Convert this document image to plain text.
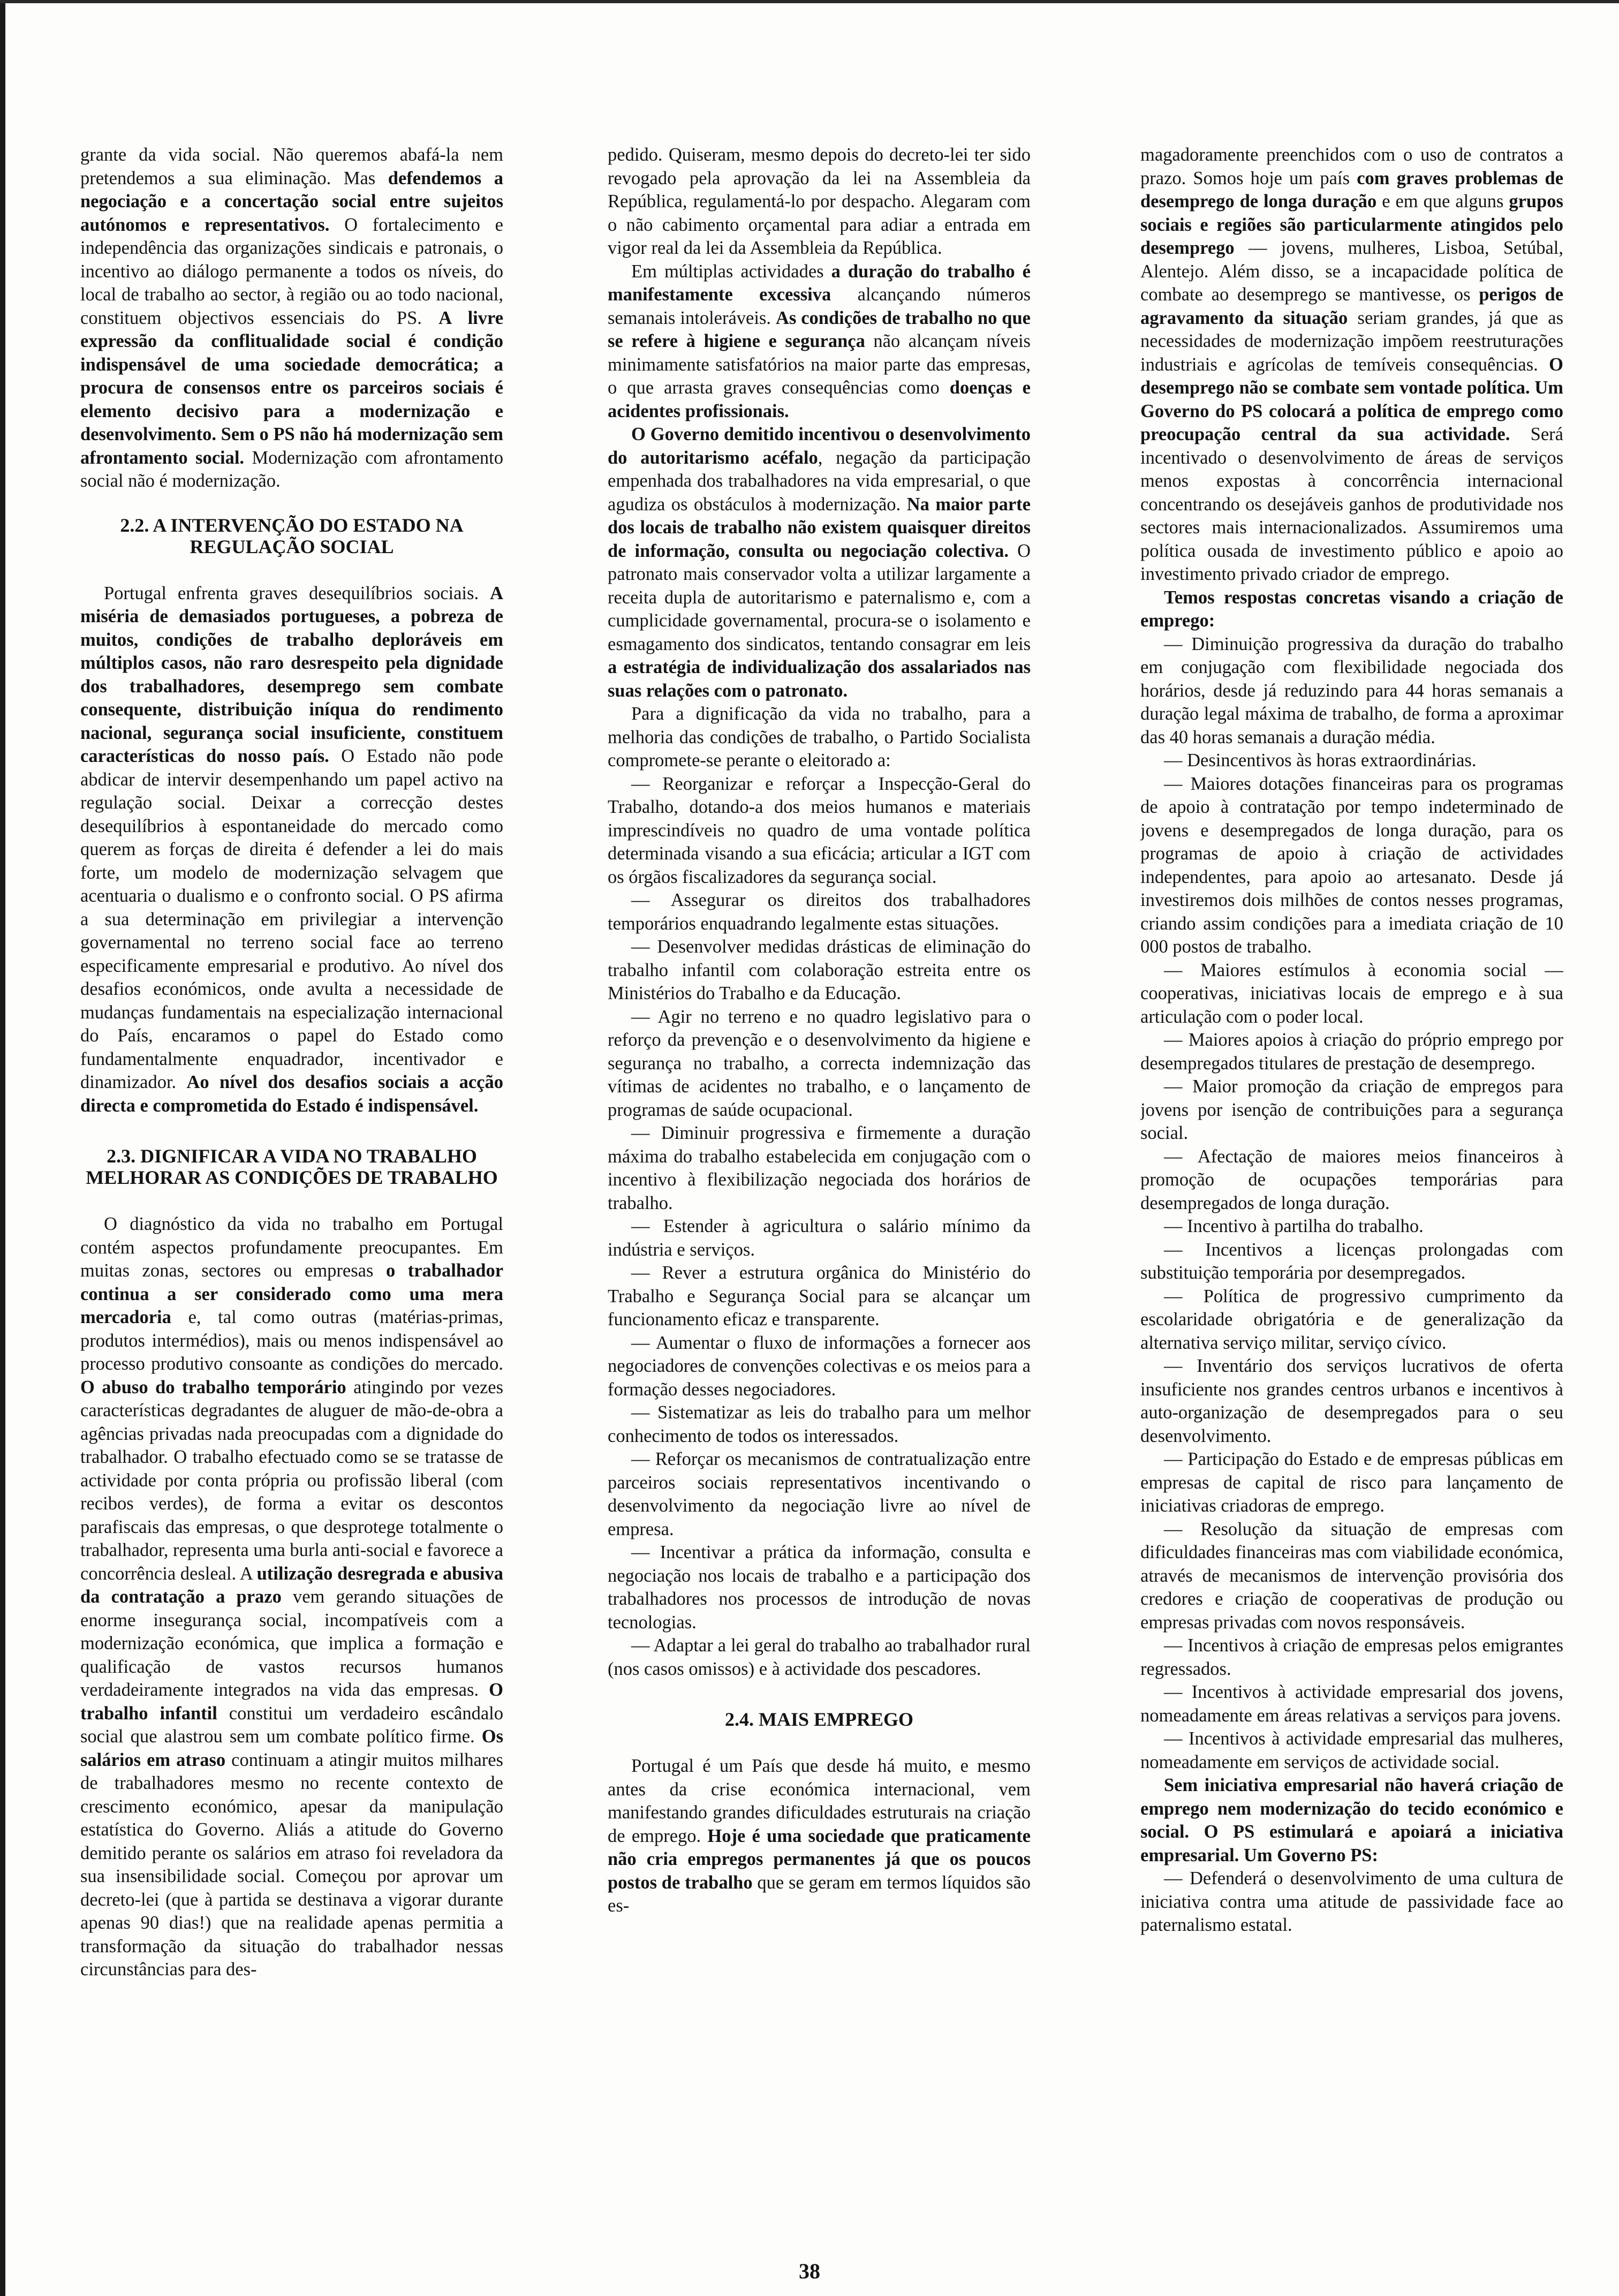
grante da vida social. Não queremos abafá-la nem pretendemos a sua eliminação. Mas defendemos a negociação e a concertação social entre sujeitos autónomos e representativos. O fortalecimento e independência das organizações sindicais e patronais, o incentivo ao diálogo permanente a todos os níveis, do local de trabalho ao sector, à região ou ao todo nacional, constituem objectivos essenciais do PS. A livre expressão da conflitualidade social é condição indispensável de uma sociedade democrática; a procura de consensos entre os parceiros sociais é elemento decisivo para a modernização e desenvolvimento. Sem o PS não há modernização sem afrontamento social. Modernização com afrontamento social não é modernização.

2.2. A INTERVENÇÃO DO ESTADO NA REGULAÇÃO SOCIAL

Portugal enfrenta graves desequilíbrios sociais. A miséria de demasiados portugueses, a pobreza de muitos, condições de trabalho deploráveis em múltiplos casos, não raro desrespeito pela dignidade dos trabalhadores, desemprego sem combate consequente, distribuição iníqua do rendimento nacional, segurança social insuficiente, constituem características do nosso país. O Estado não pode abdicar de intervir desempenhando um papel activo na regulação social. Deixar a correcção destes desequilíbrios à espontaneidade do mercado como querem as forças de direita é defender a lei do mais forte, um modelo de modernização selvagem que acentuaria o dualismo e o confronto social. O PS afirma a sua determinação em privilegiar a intervenção governamental no terreno social face ao terreno especificamente empresarial e produtivo. Ao nível dos desafios económicos, onde avulta a necessidade de mudanças fundamentais na especialização internacional do País, encaramos o papel do Estado como fundamentalmente enquadrador, incentivador e dinamizador. Ao nível dos desafios sociais a acção directa e comprometida do Estado é indispensável.

2.3. DIGNIFICAR A VIDA NO TRABALHO MELHORAR AS CONDIÇÕES DE TRABALHO

O diagnóstico da vida no trabalho em Portugal contém aspectos profundamente preocupantes. Em muitas zonas, sectores ou empresas o trabalhador continua a ser considerado como uma mera mercadoria e, tal como outras (matérias-primas, produtos intermédios), mais ou menos indispensável ao processo produtivo consoante as condições do mercado. O abuso do trabalho temporário atingindo por vezes características degradantes de aluguer de mão-de-obra a agências privadas nada preocupadas com a dignidade do trabalhador. O trabalho efectuado como se se tratasse de actividade por conta própria ou profissão liberal (com recibos verdes), de forma a evitar os descontos parafiscais das empresas, o que desprotege totalmente o trabalhador, representa uma burla anti-social e favorece a concorrência desleal. A utilização desregrada e abusiva da contratação a prazo vem gerando situações de enorme insegurança social, incompatíveis com a modernização económica, que implica a formação e qualificação de vastos recursos humanos verdadeiramente integrados na vida das empresas. O trabalho infantil constitui um verdadeiro escândalo social que alastrou sem um combate político firme. Os salários em atraso continuam a atingir muitos milhares de trabalhadores mesmo no recente contexto de crescimento económico, apesar da manipulação estatística do Governo. Aliás a atitude do Governo demitido perante os salários em atraso foi reveladora da sua insensibilidade social. Começou por aprovar um decreto-lei (que à partida se destinava a vigorar durante apenas 90 dias!) que na realidade apenas permitia a transformação da situação do trabalhador nessas circunstâncias para des-

pedido. Quiseram, mesmo depois do decreto-lei ter sido revogado pela aprovação da lei na Assembleia da República, regulamentá-lo por despacho. Alegaram com o não cabimento orçamental para adiar a entrada em vigor real da lei da Assembleia da República.

Em múltiplas actividades a duração do trabalho é manifestamente excessiva alcançando números semanais intoleráveis. As condições de trabalho no que se refere à higiene e segurança não alcançam níveis minimamente satisfatórios na maior parte das empresas, o que arrasta graves consequências como doenças e acidentes profissionais.

O Governo demitido incentivou o desenvolvimento do autoritarismo acéfalo, negação da participação empenhada dos trabalhadores na vida empresarial, o que agudiza os obstáculos à modernização. Na maior parte dos locais de trabalho não existem quaisquer direitos de informação, consulta ou negociação colectiva. O patronato mais conservador volta a utilizar largamente a receita dupla de autoritarismo e paternalismo e, com a cumplicidade governamental, procura-se o isolamento e esmagamento dos sindicatos, tentando consagrar em leis a estratégia de individualização dos assalariados nas suas relações com o patronato.

Para a dignificação da vida no trabalho, para a melhoria das condições de trabalho, o Partido Socialista compromete-se perante o eleitorado a:

— Reorganizar e reforçar a Inspecção-Geral do Trabalho, dotando-a dos meios humanos e materiais imprescindíveis no quadro de uma vontade política determinada visando a sua eficácia; articular a IGT com os órgãos fiscalizadores da segurança social.

— Assegurar os direitos dos trabalhadores temporários enquadrando legalmente estas situações.

— Desenvolver medidas drásticas de eliminação do trabalho infantil com colaboração estreita entre os Ministérios do Trabalho e da Educação.

— Agir no terreno e no quadro legislativo para o reforço da prevenção e o desenvolvimento da higiene e segurança no trabalho, a correcta indemnização das vítimas de acidentes no trabalho, e o lançamento de programas de saúde ocupacional.

— Diminuir progressiva e firmemente a duração máxima do trabalho estabelecida em conjugação com o incentivo à flexibilização negociada dos horários de trabalho.

— Estender à agricultura o salário mínimo da indústria e serviços.

— Rever a estrutura orgânica do Ministério do Trabalho e Segurança Social para se alcançar um funcionamento eficaz e transparente.

— Aumentar o fluxo de informações a fornecer aos negociadores de convenções colectivas e os meios para a formação desses negociadores.

— Sistematizar as leis do trabalho para um melhor conhecimento de todos os interessados.

— Reforçar os mecanismos de contratualização entre parceiros sociais representativos incentivando o desenvolvimento da negociação livre ao nível de empresa.

— Incentivar a prática da informação, consulta e negociação nos locais de trabalho e a participação dos trabalhadores nos processos de introdução de novas tecnologias.

— Adaptar a lei geral do trabalho ao trabalhador rural (nos casos omissos) e à actividade dos pescadores.

2.4. MAIS EMPREGO

Portugal é um País que desde há muito, e mesmo antes da crise económica internacional, vem manifestando grandes dificuldades estruturais na criação de emprego. Hoje é uma sociedade que praticamente não cria empregos permanentes já que os poucos postos de trabalho que se geram em termos líquidos são es-

magadoramente preenchidos com o uso de contratos a prazo. Somos hoje um país com graves problemas de desemprego de longa duração e em que alguns grupos sociais e regiões são particularmente atingidos pelo desemprego — jovens, mulheres, Lisboa, Setúbal, Alentejo. Além disso, se a incapacidade política de combate ao desemprego se mantivesse, os perigos de agravamento da situação seriam grandes, já que as necessidades de modernização impõem reestruturações industriais e agrícolas de temíveis consequências. O desemprego não se combate sem vontade política. Um Governo do PS colocará a política de emprego como preocupação central da sua actividade. Será incentivado o desenvolvimento de áreas de serviços menos expostas à concorrência internacional concentrando os desejáveis ganhos de produtividade nos sectores mais internacionalizados. Assumiremos uma política ousada de investimento público e apoio ao investimento privado criador de emprego.

Temos respostas concretas visando a criação de emprego:

— Diminuição progressiva da duração do trabalho em conjugação com flexibilidade negociada dos horários, desde já reduzindo para 44 horas semanais a duração legal máxima de trabalho, de forma a aproximar das 40 horas semanais a duração média.

— Desincentivos às horas extraordinárias.

— Maiores dotações financeiras para os programas de apoio à contratação por tempo indeterminado de jovens e desempregados de longa duração, para os programas de apoio à criação de actividades independentes, para apoio ao artesanato. Desde já investiremos dois milhões de contos nesses programas, criando assim condições para a imediata criação de 10 000 postos de trabalho.

— Maiores estímulos à economia social — cooperativas, iniciativas locais de emprego e à sua articulação com o poder local.

— Maiores apoios à criação do próprio emprego por desempregados titulares de prestação de desemprego.

— Maior promoção da criação de empregos para jovens por isenção de contribuições para a segurança social.

— Afectação de maiores meios financeiros à promoção de ocupações temporárias para desempregados de longa duração.

— Incentivo à partilha do trabalho.

— Incentivos a licenças prolongadas com substituição temporária por desempregados.

— Política de progressivo cumprimento da escolaridade obrigatória e de generalização da alternativa serviço militar, serviço cívico.

— Inventário dos serviços lucrativos de oferta insuficiente nos grandes centros urbanos e incentivos à auto-organização de desempregados para o seu desenvolvimento.

— Participação do Estado e de empresas públicas em empresas de capital de risco para lançamento de iniciativas criadoras de emprego.

— Resolução da situação de empresas com dificuldades financeiras mas com viabilidade económica, através de mecanismos de intervenção provisória dos credores e criação de cooperativas de produção ou empresas privadas com novos responsáveis.

— Incentivos à criação de empresas pelos emigrantes regressados.

— Incentivos à actividade empresarial dos jovens, nomeadamente em áreas relativas a serviços para jovens.

— Incentivos à actividade empresarial das mulheres, nomeadamente em serviços de actividade social.

Sem iniciativa empresarial não haverá criação de emprego nem modernização do tecido económico e social. O PS estimulará e apoiará a iniciativa empresarial. Um Governo PS:

— Defenderá o desenvolvimento de uma cultura de iniciativa contra uma atitude de passividade face ao paternalismo estatal.

38
